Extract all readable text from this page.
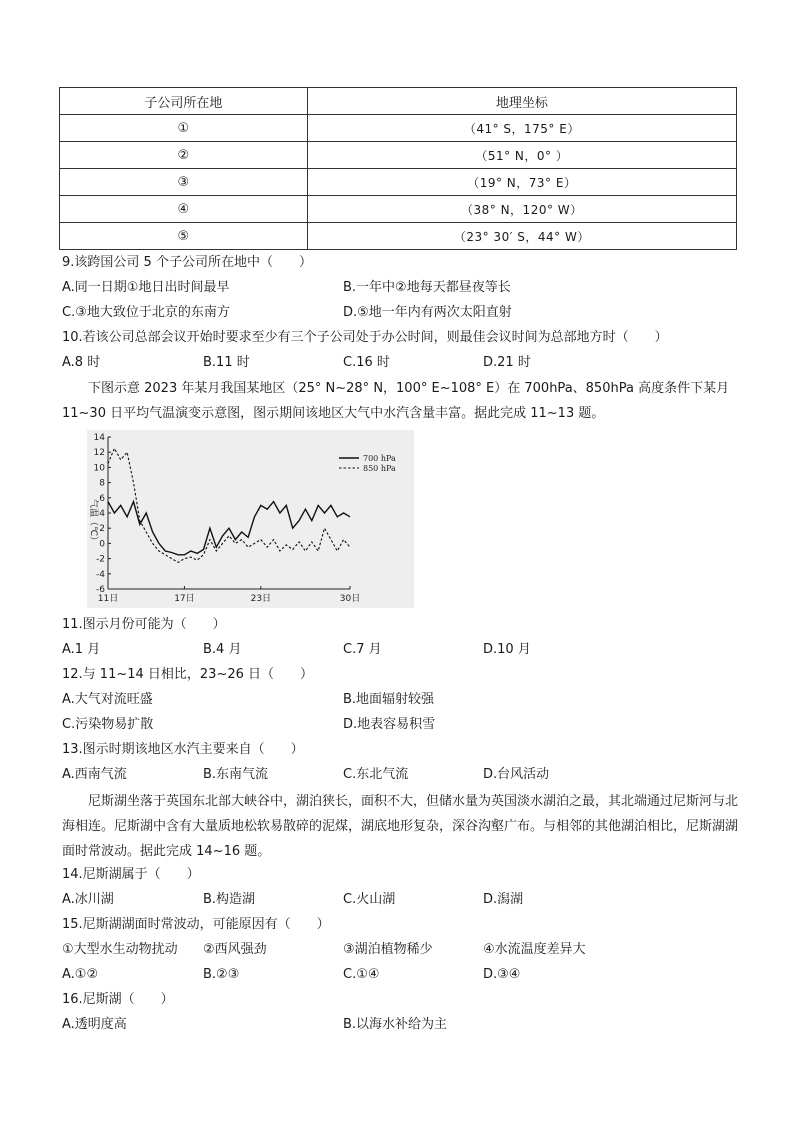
子公司所在地	地理坐标
①	（41° S，175° E）
②	（51° N，0° ）
③	（19° N，73° E）
④	（38° N，120° W）
⑤	（23° 30′ S，44° W）
9.该跨国公司 5 个子公司所在地中（　　）
A.同一日期①地日出时间最早	B.一年中②地每天都昼夜等长
C.③地大致位于北京的东南方	D.⑤地一年内有两次太阳直射
10.若该公司总部会议开始时要求至少有三个子公司处于办公时间，则最佳会议时间为总部地方时（　　）
A.8 时	B.11 时	C.16 时	D.21 时
下图示意 2023 年某月我国某地区（25° N~28° N，100° E~108° E）在 700hPa、850hPa 高度条件下某月 11~30 日平均气温演变示意图，图示期间该地区大气中水汽含量丰富。据此完成 11~13 题。
14
12
10
8
6
4
2
0
-2
-4
-6
11日	17日	23日	30日
700 hPa
850 hPa
气温（℃）
11.图示月份可能为（　　）
A.1 月	B.4 月	C.7 月	D.10 月
12.与 11~14 日相比，23~26 日（　　）
A.大气对流旺盛	B.地面辐射较强
C.污染物易扩散	D.地表容易积雪
13.图示时期该地区水汽主要来自（　　）
A.西南气流	B.东南气流	C.东北气流	D.台风活动
尼斯湖坐落于英国东北部大峡谷中，湖泊狭长，面积不大，但储水量为英国淡水湖泊之最，其北端通过尼斯河与北海相连。尼斯湖中含有大量质地松软易散碎的泥煤，湖底地形复杂，深谷沟壑广布。与相邻的其他湖泊相比，尼斯湖湖面时常波动。据此完成 14~16 题。
14.尼斯湖属于（　　）
A.冰川湖	B.构造湖	C.火山湖	D.潟湖
15.尼斯湖湖面时常波动，可能原因有（　　）
①大型水生动物扰动 ②西风强劲	③湖泊植物稀少	④水流温度差异大
A.①②	B.②③	C.①④	D.③④
16.尼斯湖（　　）
A.透明度高	B.以海水补给为主
